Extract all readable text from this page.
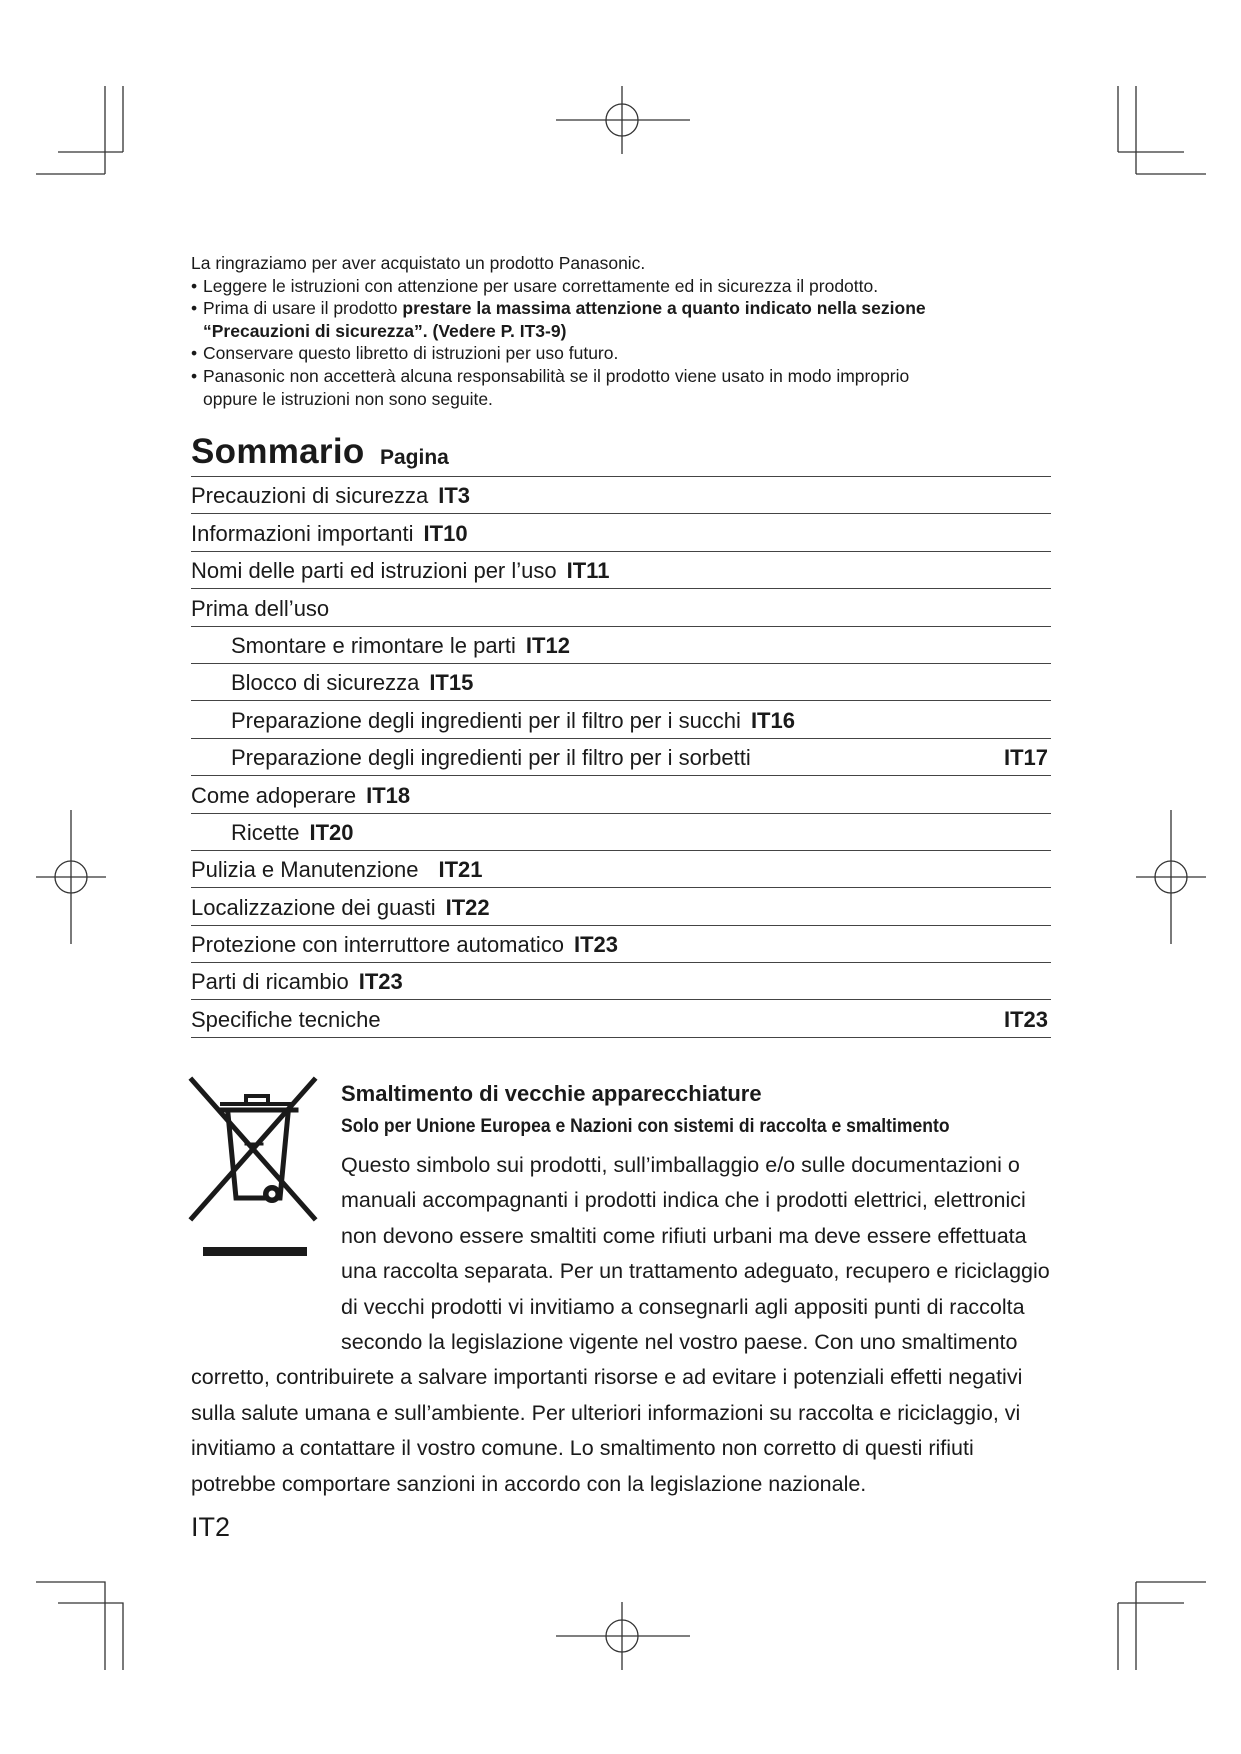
La ringraziamo per aver acquistato un prodotto Panasonic.

• Leggere le istruzioni con attenzione per usare correttamente ed in sicurezza il prodotto.

• Prima di usare il prodotto prestare la massima attenzione a quanto indicato nella sezione

“Precauzioni di sicurezza”. (Vedere P. IT3-9)

• Conservare questo libretto di istruzioni per uso futuro.

• Panasonic non accetterà alcuna responsabilità se il prodotto viene usato in modo improprio

oppure le istruzioni non sono seguite.

Sommario Pagina
Precauzioni di sicurezza IT3
Informazioni importanti IT10
Nomi delle parti ed istruzioni per l’uso IT11
Prima dell’uso
Smontare e rimontare le parti IT12
Blocco di sicurezza IT15
Preparazione degli ingredienti per il filtro per i succhi IT16
Preparazione degli ingredienti per il filtro per i sorbetti	IT17
Come adoperare IT18
Ricette IT20
Pulizia e Manutenzione IT21
Localizzazione dei guasti IT22
Protezione con interruttore automatico IT23
Parti di ricambio IT23
Specifiche tecniche	IT23
Smaltimento di vecchie apparecchiature
Solo per Unione Europea e Nazioni con sistemi di raccolta e smaltimento

Questo simbolo sui prodotti, sull’imballaggio e/o sulle documentazioni o manuali accompagnanti i prodotti indica che i prodotti elettrici, elettronici non devono essere smaltiti come rifiuti urbani ma deve essere effettuata una raccolta separata. Per un trattamento adeguato, recupero e riciclaggio di vecchi prodotti vi invitiamo a consegnarli agli appositi punti di raccolta secondo la legislazione vigente nel vostro paese. Con uno smaltimento corretto, contribuirete a salvare importanti risorse e ad evitare i potenziali effetti negativi sulla salute umana e sull’ambiente. Per ulteriori informazioni su raccolta e riciclaggio, vi invitiamo a contattare il vostro comune. Lo smaltimento non corretto di questi rifiuti potrebbe comportare sanzioni in accordo con la legislazione nazionale.

IT2
